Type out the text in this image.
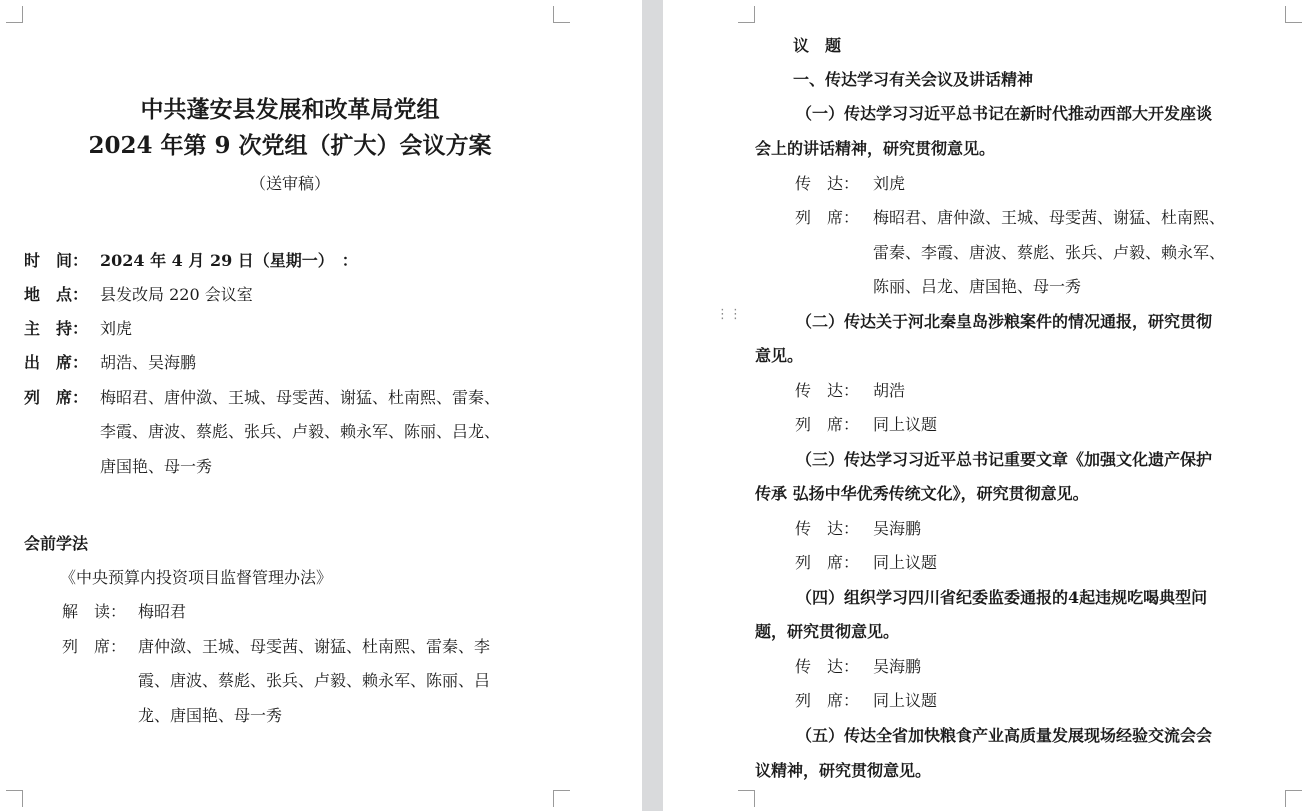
中共蓬安县发展和改革局党组
2024 年第 9 次党组（扩大）会议方案
（送审稿）
时　间： 2024 年 4 月 29 日（星期一）　：
地　点： 县发改局 220 会议室
主　持： 刘虎
出　席： 胡浩、吴海鹏
列　席： 梅昭君、唐仲潋、王城、母雯茜、谢猛、杜南熙、雷秦、
李霞、唐波、蔡彪、张兵、卢毅、赖永军、陈丽、吕龙、
唐国艳、母一秀
会前学法
《中央预算内投资项目监督管理办法》
解　读： 梅昭君
列　席： 唐仲潋、王城、母雯茜、谢猛、杜南熙、雷秦、李
霞、唐波、蔡彪、张兵、卢毅、赖永军、陈丽、吕
龙、唐国艳、母一秀
⋮⋮
议　题
一、传达学习有关会议及讲话精神
（一）传达学习习近平总书记在新时代推动西部大开发座谈
会上的讲话精神，研究贯彻意见。
传　达： 刘虎
列　席： 梅昭君、唐仲潋、王城、母雯茜、谢猛、杜南熙、
雷秦、李霞、唐波、蔡彪、张兵、卢毅、赖永军、
陈丽、吕龙、唐国艳、母一秀
（二）传达关于河北秦皇岛涉粮案件的情况通报，研究贯彻
意见。
传　达： 胡浩
列　席： 同上议题
（三）传达学习习近平总书记重要文章《加强文化遗产保护
传承 弘扬中华优秀传统文化》，研究贯彻意见。
传　达： 吴海鹏
列　席： 同上议题
（四）组织学习四川省纪委监委通报的4起违规吃喝典型问
题，研究贯彻意见。
传　达： 吴海鹏
列　席： 同上议题
（五）传达全省加快粮食产业高质量发展现场经验交流会会
议精神，研究贯彻意见。
